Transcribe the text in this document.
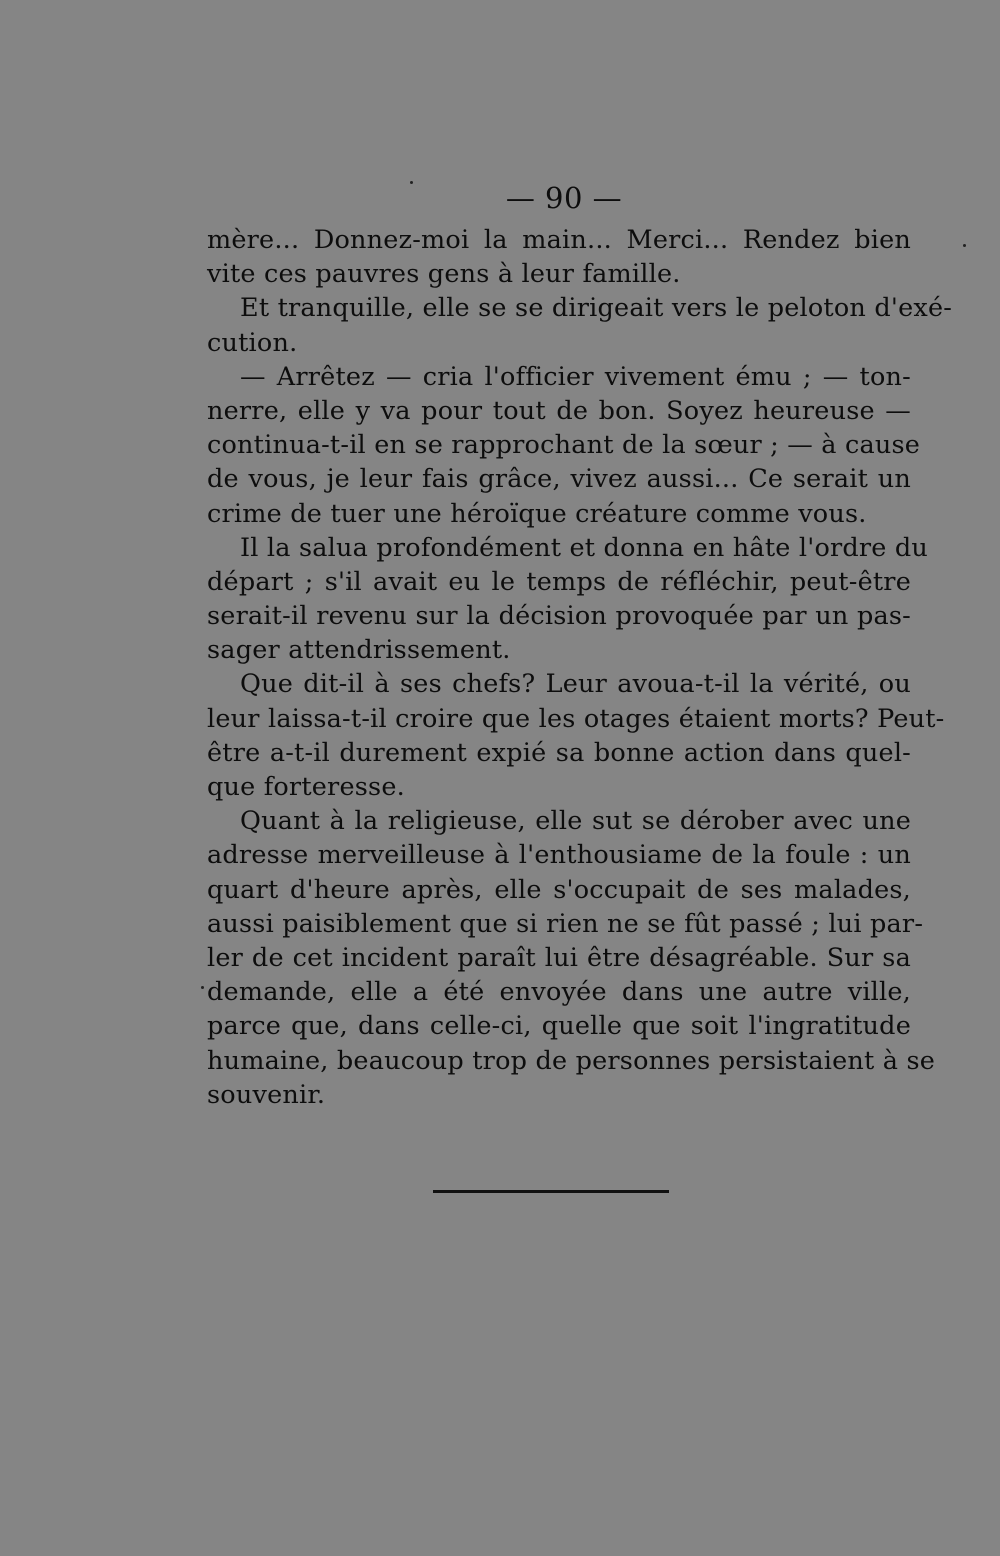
— 90 —
mère... Donnez-moi la main... Merci... Rendez bien
vite ces pauvres gens à leur famille.
Et tranquille, elle se se dirigeait vers le peloton d'exé-
cution.
— Arrêtez — cria l'officier vivement ému ; — ton-
nerre, elle y va pour tout de bon. Soyez heureuse —
continua-t-il en se rapprochant de la sœur ; — à cause
de vous, je leur fais grâce, vivez aussi... Ce serait un
crime de tuer une héroïque créature comme vous.
Il la salua profondément et donna en hâte l'ordre du
départ ; s'il avait eu le temps de réfléchir, peut-être
serait-il revenu sur la décision provoquée par un pas-
sager attendrissement.
Que dit-il à ses chefs? Leur avoua-t-il la vérité, ou
leur laissa-t-il croire que les otages étaient morts? Peut-
être a-t-il durement expié sa bonne action dans quel-
que forteresse.
Quant à la religieuse, elle sut se dérober avec une
adresse merveilleuse à l'enthousiame de la foule : un
quart d'heure après, elle s'occupait de ses malades,
aussi paisiblement que si rien ne se fût passé ; lui par-
ler de cet incident paraît lui être désagréable. Sur sa
demande, elle a été envoyée dans une autre ville,
parce que, dans celle-ci, quelle que soit l'ingratitude
humaine, beaucoup trop de personnes persistaient à se
souvenir.
